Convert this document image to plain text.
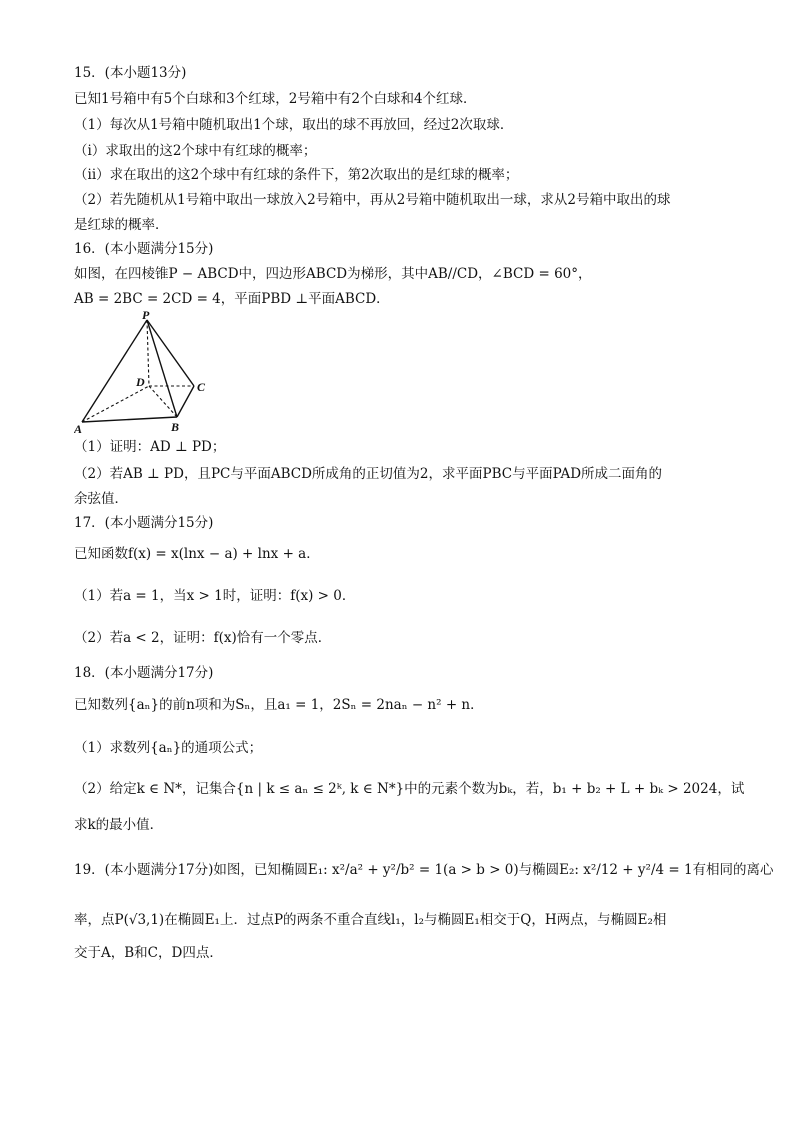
15．(本小题13分)
已知1号箱中有5个白球和3个红球，2号箱中有2个白球和4个红球．
（1）每次从1号箱中随机取出1个球，取出的球不再放回，经过2次取球．
（i）求取出的这2个球中有红球的概率；
（ii）求在取出的这2个球中有红球的条件下，第2次取出的是红球的概率；
（2）若先随机从1号箱中取出一球放入2号箱中，再从2号箱中随机取出一球，求从2号箱中取出的球
是红球的概率．
16．(本小题满分15分)
如图，在四棱锥P − ABCD中，四边形ABCD为梯形，其中AB//CD，∠BCD = 60°，
AB = 2BC = 2CD = 4，平面PBD ⊥平面ABCD．
P
D	C
A	B
（1）证明：AD ⊥ PD；
（2）若AB ⊥ PD，且PC与平面ABCD所成角的正切值为2，求平面PBC与平面PAD所成二面角的
余弦值．
17．(本小题满分15分)
已知函数f(x) = x(lnx − a) + lnx + a．
（1）若a = 1，当x > 1时，证明：f(x) > 0．
（2）若a < 2，证明：f(x)恰有一个零点．
18．(本小题满分17分)
已知数列{aₙ}的前n项和为Sₙ，且a₁ = 1，2Sₙ = 2naₙ − n² + n．
（1）求数列{aₙ}的通项公式；
（2）给定k ∈ N*，记集合{n | k ≤ aₙ ≤ 2ᵏ, k ∈ N*}中的元素个数为bₖ，若，b₁ + b₂ + L + bₖ > 2024，试
求k的最小值．
19．(本小题满分17分)如图，已知椭圆E₁: x²/a² + y²/b² = 1(a > b > 0)与椭圆E₂: x²/12 + y²/4 = 1有相同的离心
率，点P(√3,1)在椭圆E₁上．过点P的两条不重合直线l₁，l₂与椭圆E₁相交于Q，H两点，与椭圆E₂相
交于A，B和C，D四点．
